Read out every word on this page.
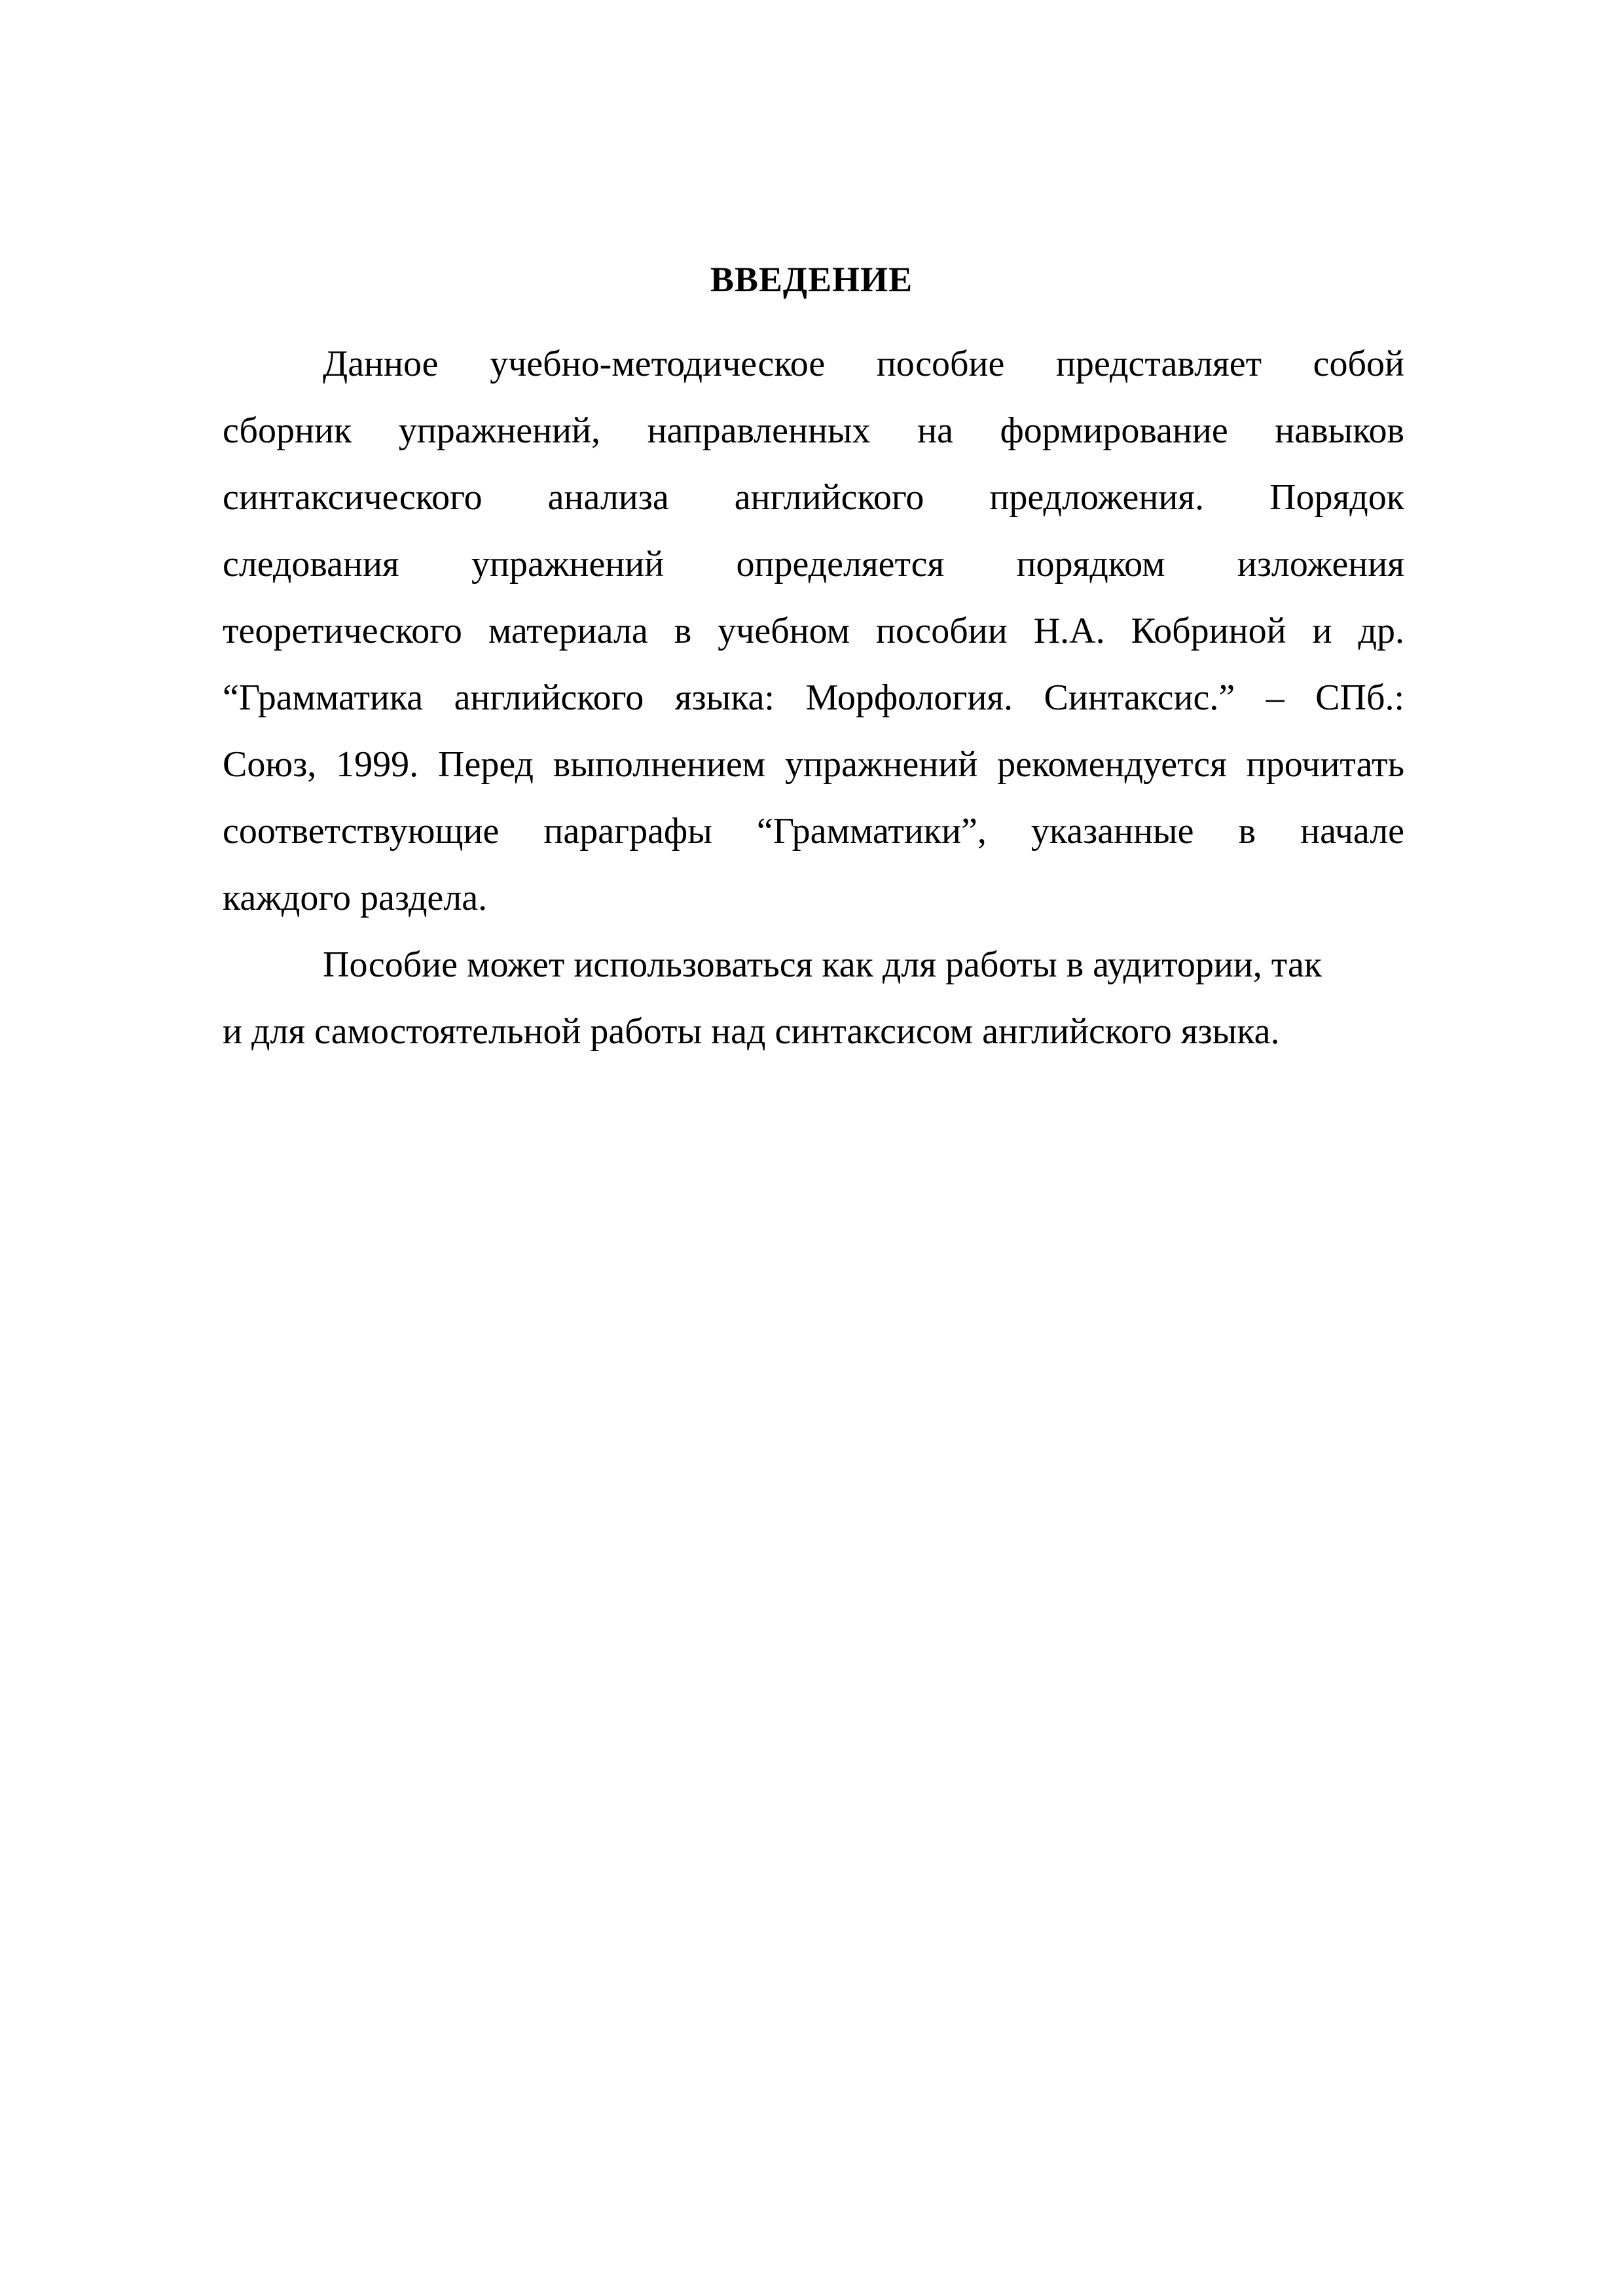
ВВЕДЕНИЕ
Данное учебно-методическое пособие представляет собой
сборник упражнений, направленных на формирование навыков
синтаксического анализа английского предложения. Порядок
следования упражнений определяется порядком изложения
теоретического материала в учебном пособии Н.А. Кобриной и др.
“Грамматика английского языка: Морфология. Синтаксис.” – СПб.:
Союз, 1999. Перед выполнением упражнений рекомендуется прочитать
соответствующие параграфы “Грамматики”, указанные в начале
каждого раздела.
Пособие может использоваться как для работы в аудитории, так
и для самостоятельной работы над синтаксисом английского языка.
